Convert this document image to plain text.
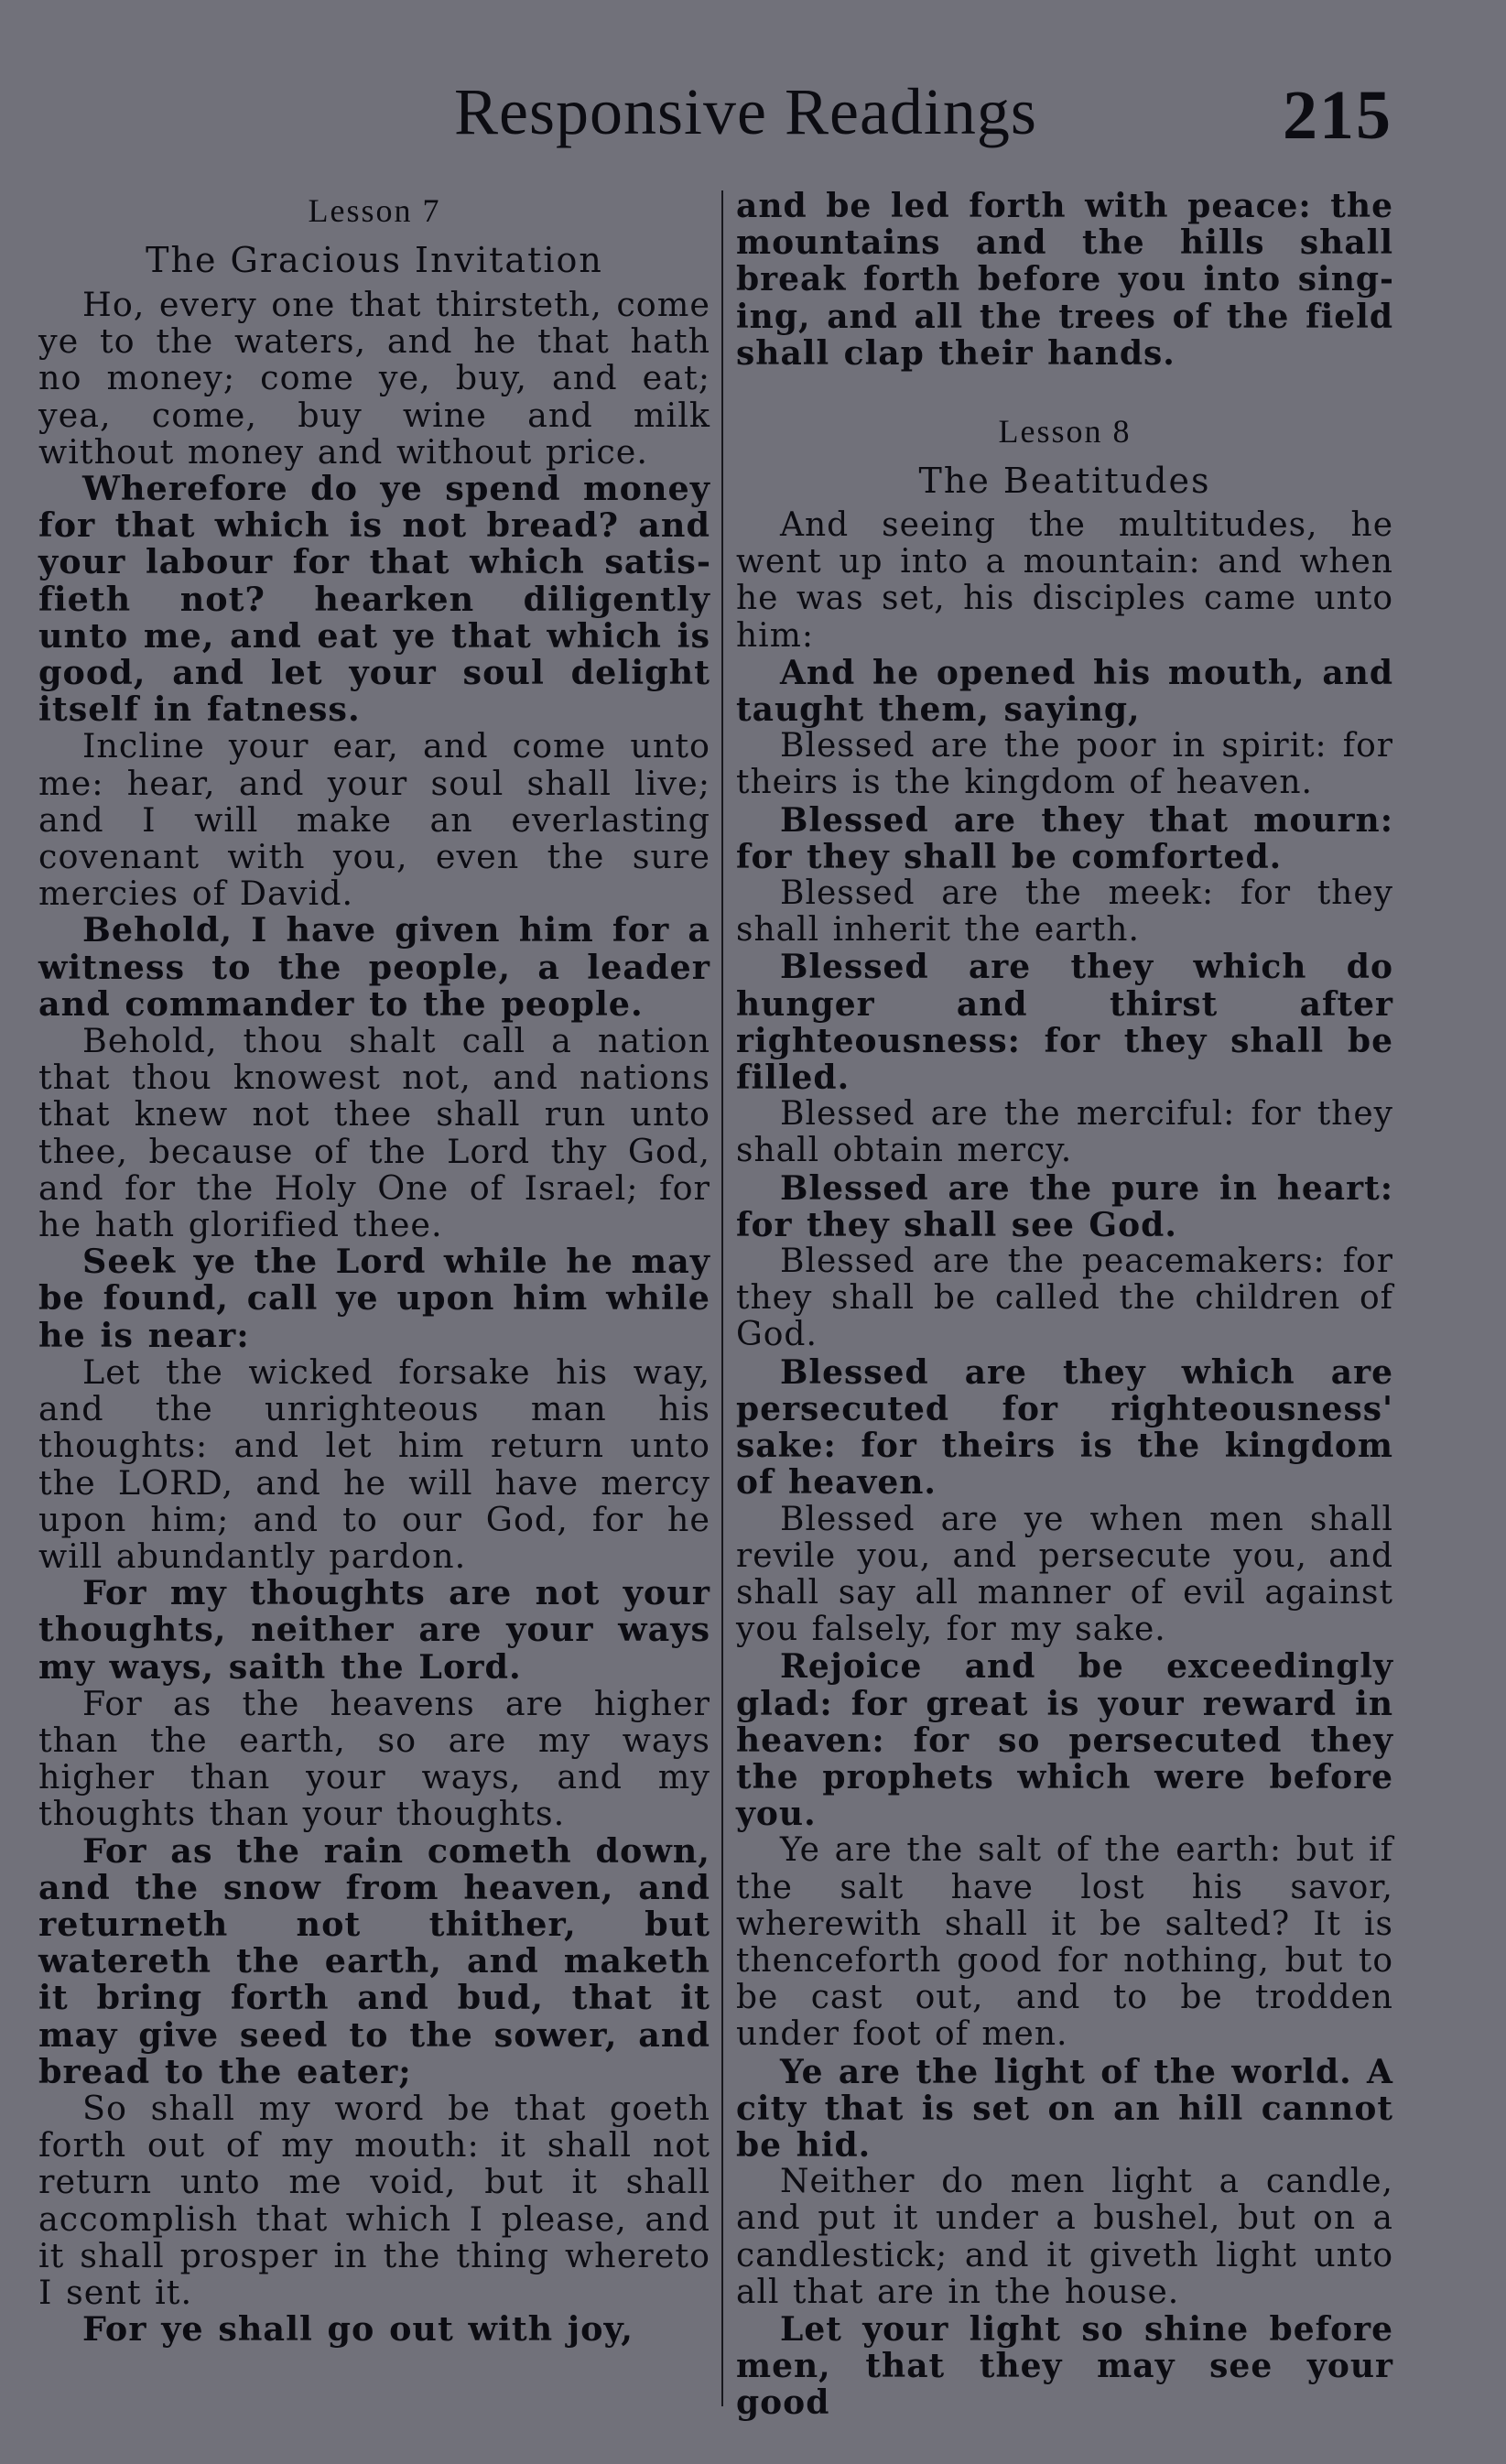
Responsive Readings	215
Lesson 7
The Gracious Invitation

Ho, every one that thirsteth, come ye to the waters, and he that hath no money; come ye, buy, and eat; yea, come, buy wine and milk without money and without price.

Wherefore do ye spend money for that which is not bread? and your labour for that which satisfieth not? hearken diligently unto me, and eat ye that which is good, and let your soul delight itself in fatness.

Incline your ear, and come unto me: hear, and your soul shall live; and I will make an everlasting covenant with you, even the sure mercies of David.

Behold, I have given him for a witness to the people, a leader and commander to the people.

Behold, thou shalt call a nation that thou knowest not, and nations that knew not thee shall run unto thee, because of the Lord thy God, and for the Holy One of Israel; for he hath glorified thee.

Seek ye the Lord while he may be found, call ye upon him while he is near:

Let the wicked forsake his way, and the unrighteous man his thoughts: and let him return unto the LORD, and he will have mercy upon him; and to our God, for he will abundantly pardon.

For my thoughts are not your thoughts, neither are your ways my ways, saith the Lord.

For as the heavens are higher than the earth, so are my ways higher than your ways, and my thoughts than your thoughts.

For as the rain cometh down, and the snow from heaven, and returneth not thither, but watereth the earth, and maketh it bring forth and bud, that it may give seed to the sower, and bread to the eater;

So shall my word be that goeth forth out of my mouth: it shall not return unto me void, but it shall accomplish that which I please, and it shall prosper in the thing whereto I sent it.

For ye shall go out with joy,

and be led forth with peace: the mountains and the hills shall break forth before you into singing, and all the trees of the field shall clap their hands.

Lesson 8
The Beatitudes

And seeing the multitudes, he went up into a mountain: and when he was set, his disciples came unto him:

And he opened his mouth, and taught them, saying,

Blessed are the poor in spirit: for theirs is the kingdom of heaven.

Blessed are they that mourn: for they shall be comforted.

Blessed are the meek: for they shall inherit the earth.

Blessed are they which do hunger and thirst after righteousness: for they shall be filled.

Blessed are the merciful: for they shall obtain mercy.

Blessed are the pure in heart: for they shall see God.

Blessed are the peacemakers: for they shall be called the children of God.

Blessed are they which are persecuted for righteousness' sake: for theirs is the kingdom of heaven.

Blessed are ye when men shall revile you, and persecute you, and shall say all manner of evil against you falsely, for my sake.

Rejoice and be exceedingly glad: for great is your reward in heaven: for so persecuted they the prophets which were before you.

Ye are the salt of the earth: but if the salt have lost his savor, wherewith shall it be salted? It is thenceforth good for nothing, but to be cast out, and to be trodden under foot of men.

Ye are the light of the world. A city that is set on an hill cannot be hid.

Neither do men light a candle, and put it under a bushel, but on a candlestick; and it giveth light unto all that are in the house.

Let your light so shine before men, that they may see your good
